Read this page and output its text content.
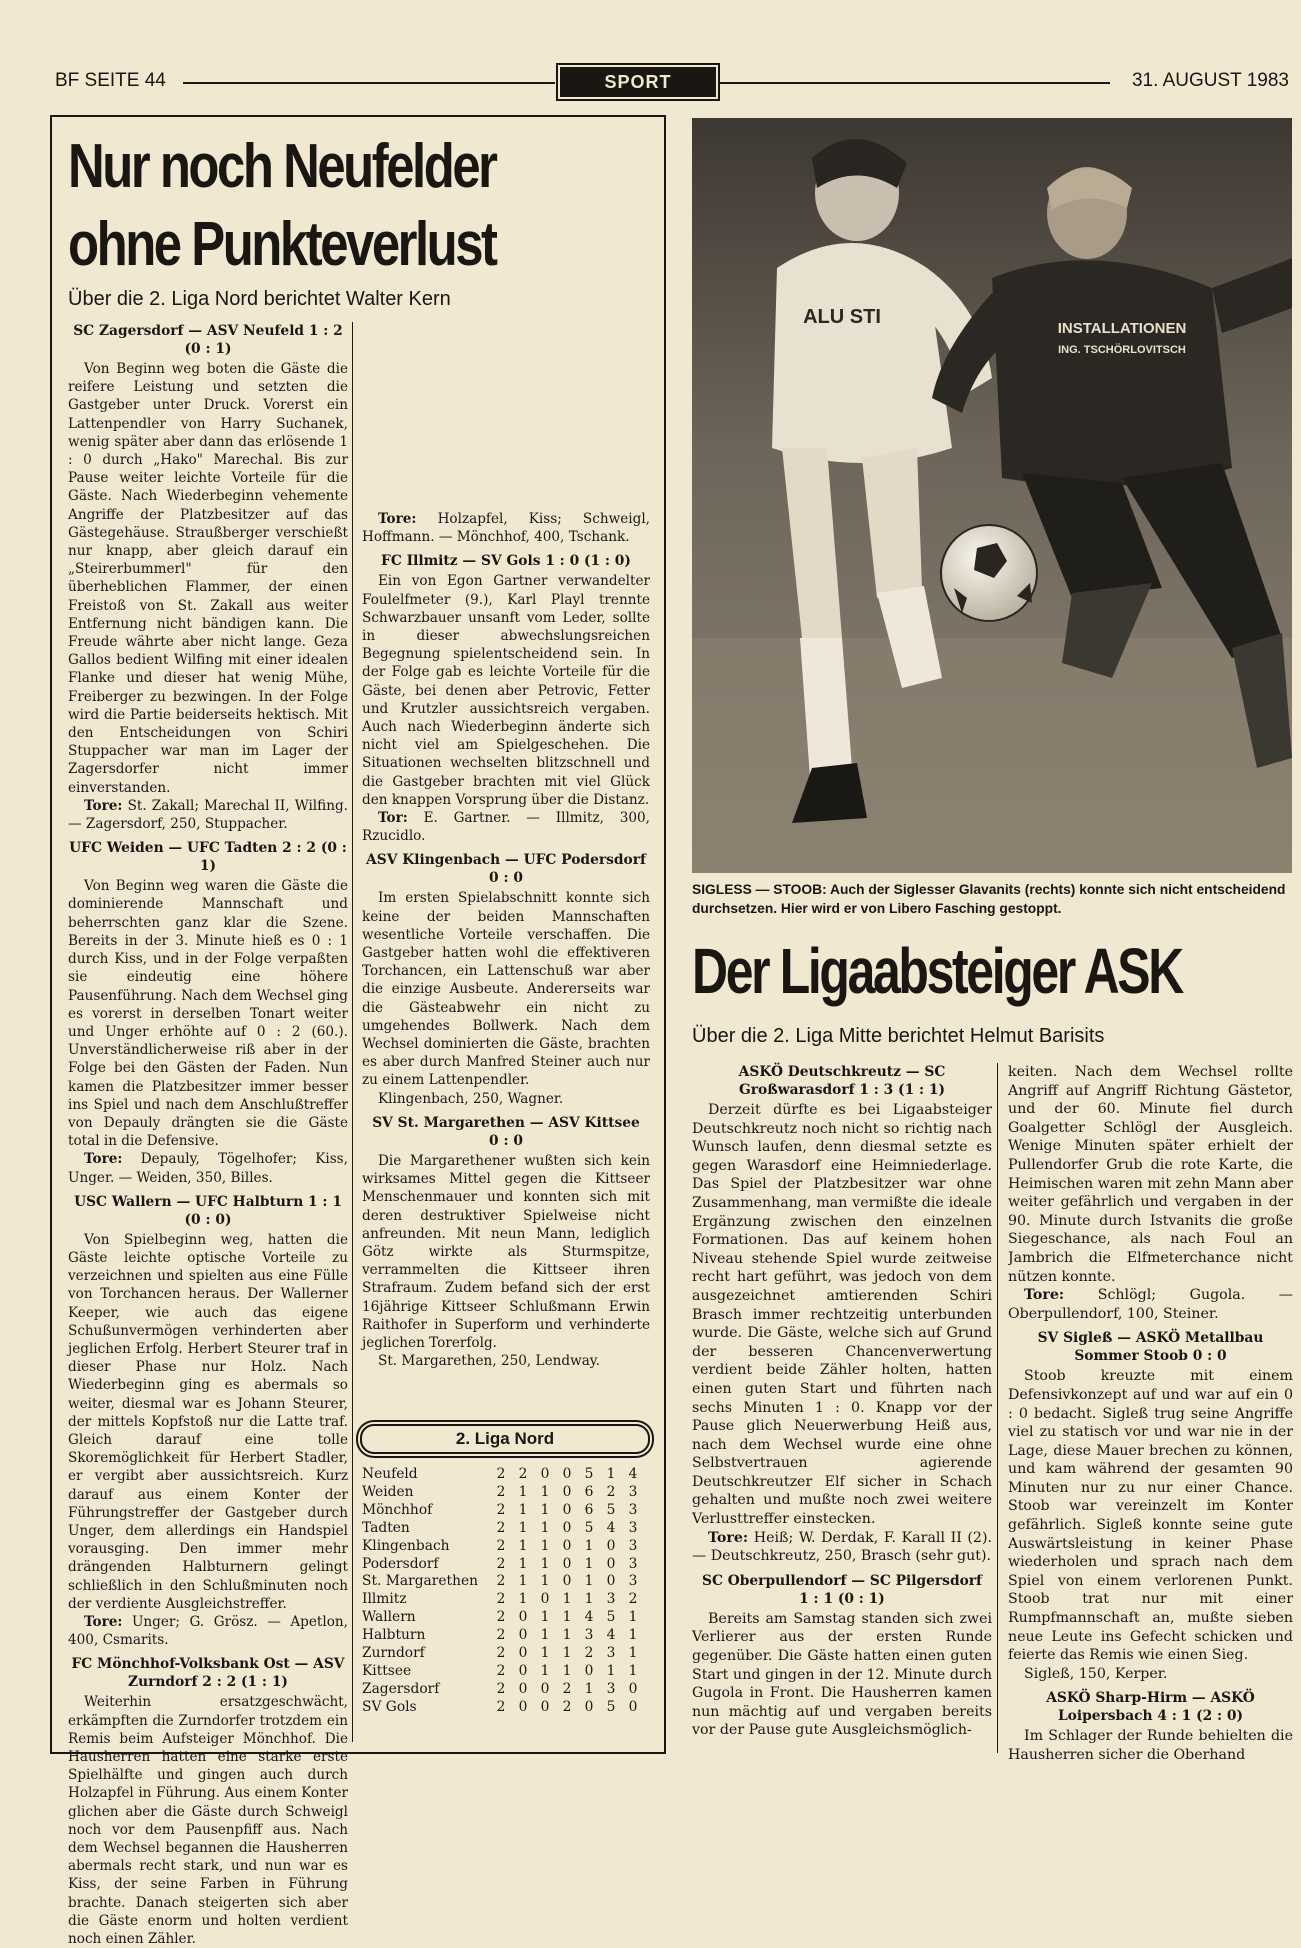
BF SEITE 44	SPORT	31. AUGUST 1983
Nur noch Neufelder
ohne Punkteverlust
Über die 2. Liga Nord berichtet Walter Kern
SC Zagersdorf — ASV Neufeld 1 : 2
(0 : 1)

Von Beginn weg boten die Gäste die reifere Leistung und setzten die Gastgeber unter Druck. Vorerst ein Lattenpendler von Harry Suchanek, wenig später aber dann das erlösende 1 : 0 durch „Hako" Marechal. Bis zur Pause weiter leichte Vorteile für die Gäste. Nach Wiederbeginn vehemente Angriffe der Platzbesitzer auf das Gästegehäuse. Straußberger verschießt nur knapp, aber gleich darauf ein „Steirerbummerl" für den überheblichen Flammer, der einen Freistoß von St. Zakall aus weiter Entfernung nicht bändigen kann. Die Freude währte aber nicht lange. Geza Gallos bedient Wilfing mit einer idealen Flanke und dieser hat wenig Mühe, Freiberger zu bezwingen. In der Folge wird die Partie beiderseits hektisch. Mit den Entscheidungen von Schiri Stuppacher war man im Lager der Zagersdorfer nicht immer einverstanden.

Tore: St. Zakall; Marechal II, Wilfing. — Zagersdorf, 250, Stuppacher.

UFC Weiden — UFC Tadten 2 : 2 (0 : 1)

Von Beginn weg waren die Gäste die dominierende Mannschaft und beherrschten ganz klar die Szene. Bereits in der 3. Minute hieß es 0 : 1 durch Kiss, und in der Folge verpaßten sie eindeutig eine höhere Pausenführung. Nach dem Wechsel ging es vorerst in derselben Tonart weiter und Unger erhöhte auf 0 : 2 (60.). Unverständlicherweise riß aber in der Folge bei den Gästen der Faden. Nun kamen die Platzbesitzer immer besser ins Spiel und nach dem Anschlußtreffer von Depauly drängten sie die Gäste total in die Defensive.

Tore: Depauly, Tögelhofer; Kiss, Unger. — Weiden, 350, Billes.

USC Wallern — UFC Halbturn 1 : 1
(0 : 0)

Von Spielbeginn weg, hatten die Gäste leichte optische Vorteile zu verzeichnen und spielten aus eine Fülle von Torchancen heraus. Der Wallerner Keeper, wie auch das eigene Schußunvermögen verhinderten aber jeglichen Erfolg. Herbert Steurer traf in dieser Phase nur Holz. Nach Wiederbeginn ging es abermals so weiter, diesmal war es Johann Steurer, der mittels Kopfstoß nur die Latte traf. Gleich darauf eine tolle Skoremöglichkeit für Herbert Stadler, er vergibt aber aussichtsreich. Kurz darauf aus einem Konter der Führungstreffer der Gastgeber durch Unger, dem allerdings ein Handspiel vorausging. Den immer mehr drängenden Halbturnern gelingt schließlich in den Schlußminuten noch der verdiente Ausgleichstreffer.

Tore: Unger; G. Grösz. — Apetlon, 400, Csmarits.

FC Mönchhof-Volksbank Ost — ASV Zurndorf 2 : 2 (1 : 1)

Weiterhin ersatzgeschwächt, erkämpften die Zurndorfer trotzdem ein Remis beim Aufsteiger Mönchhof. Die Hausherren hatten eine starke erste Spielhälfte und gingen auch durch Holzapfel in Führung. Aus einem Konter glichen aber die Gäste durch Schweigl noch vor dem Pausenpfiff aus. Nach dem Wechsel begannen die Hausherren abermals recht stark, und nun war es Kiss, der seine Farben in Führung brachte. Danach steigerten sich aber die Gäste enorm und holten verdient noch einen Zähler.

Tore: Holzapfel, Kiss; Schweigl, Hoffmann. — Mönchhof, 400, Tschank.

FC Illmitz — SV Gols 1 : 0 (1 : 0)

Ein von Egon Gartner verwandelter Foulelfmeter (9.), Karl Playl trennte Schwarzbauer unsanft vom Leder, sollte in dieser abwechslungsreichen Begegnung spielentscheidend sein. In der Folge gab es leichte Vorteile für die Gäste, bei denen aber Petrovic, Fetter und Krutzler aussichtsreich vergaben. Auch nach Wiederbeginn änderte sich nicht viel am Spielgeschehen. Die Situationen wechselten blitzschnell und die Gastgeber brachten mit viel Glück den knappen Vorsprung über die Distanz.

Tor: E. Gartner. — Illmitz, 300, Rzucidlo.

ASV Klingenbach — UFC Podersdorf
0 : 0

Im ersten Spielabschnitt konnte sich keine der beiden Mannschaften wesentliche Vorteile verschaffen. Die Gastgeber hatten wohl die effektiveren Torchancen, ein Lattenschuß war aber die einzige Ausbeute. Andererseits war die Gästeabwehr ein nicht zu umgehendes Bollwerk. Nach dem Wechsel dominierten die Gäste, brachten es aber durch Manfred Steiner auch nur zu einem Lattenpendler.

Klingenbach, 250, Wagner.

SV St. Margarethen — ASV Kittsee
0 : 0

Die Margarethener wußten sich kein wirksames Mittel gegen die Kittseer Menschenmauer und konnten sich mit deren destruktiver Spielweise nicht anfreunden. Mit neun Mann, lediglich Götz wirkte als Sturmspitze, verrammelten die Kittseer ihren Strafraum. Zudem befand sich der erst 16jährige Kittseer Schlußmann Erwin Raithofer in Superform und verhinderte jeglichen Torerfolg.

St. Margarethen, 250, Lendway.

2. Liga Nord
Neufeld	2	2	0	0	5	1	4
Weiden	2	1	1	0	6	2	3
Mönchhof	2	1	1	0	6	5	3
Tadten	2	1	1	0	5	4	3
Klingenbach	2	1	1	0	1	0	3
Podersdorf	2	1	1	0	1	0	3
St. Margarethen	2	1	1	0	1	0	3
Illmitz	2	1	0	1	1	3	2
Wallern	2	0	1	1	4	5	1
Halbturn	2	0	1	1	3	4	1
Zurndorf	2	0	1	1	2	3	1
Kittsee	2	0	1	1	0	1	1
Zagersdorf	2	0	0	2	1	3	0
SV Gols	2	0	0	2	0	5	0
INSTALLATIONEN
ING. TSCHÖRLOVITSCH
ALU STI
SIGLESS — STOOB: Auch der Siglesser Glavanits (rechts) konnte sich nicht entscheidend durchsetzen. Hier wird er von Libero Fasching gestoppt.
Der Ligaabsteiger ASK
Über die 2. Liga Mitte berichtet Helmut Barisits
ASKÖ Deutschkreutz — SC Großwarasdorf 1 : 3 (1 : 1)

Derzeit dürfte es bei Ligaabsteiger Deutschkreutz noch nicht so richtig nach Wunsch laufen, denn diesmal setzte es gegen Warasdorf eine Heimniederlage. Das Spiel der Platzbesitzer war ohne Zusammenhang, man vermißte die ideale Ergänzung zwischen den einzelnen Formationen. Das auf keinem hohen Niveau stehende Spiel wurde zeitweise recht hart geführt, was jedoch von dem ausgezeichnet amtierenden Schiri Brasch immer rechtzeitig unterbunden wurde. Die Gäste, welche sich auf Grund der besseren Chancenverwertung verdient beide Zähler holten, hatten einen guten Start und führten nach sechs Minuten 1 : 0. Knapp vor der Pause glich Neuerwerbung Heiß aus, nach dem Wechsel wurde eine ohne Selbstvertrauen agierende Deutschkreutzer Elf sicher in Schach gehalten und mußte noch zwei weitere Verlusttreffer einstecken.

Tore: Heiß; W. Derdak, F. Karall II (2). — Deutschkreutz, 250, Brasch (sehr gut).

SC Oberpullendorf — SC Pilgersdorf
1 : 1 (0 : 1)

Bereits am Samstag standen sich zwei Verlierer aus der ersten Runde gegenüber. Die Gäste hatten einen guten Start und gingen in der 12. Minute durch Gugola in Front. Die Hausherren kamen nun mächtig auf und vergaben bereits vor der Pause gute Ausgleichsmöglich-

keiten. Nach dem Wechsel rollte Angriff auf Angriff Richtung Gästetor, und der 60. Minute fiel durch Goalgetter Schlögl der Ausgleich. Wenige Minuten später erhielt der Pullendorfer Grub die rote Karte, die Heimischen waren mit zehn Mann aber weiter gefährlich und vergaben in der 90. Minute durch Istvanits die große Siegeschance, als nach Foul an Jambrich die Elfmeterchance nicht nützen konnte.

Tore: Schlögl; Gugola. — Oberpullendorf, 100, Steiner.

SV Sigleß — ASKÖ Metallbau Sommer Stoob 0 : 0

Stoob kreuzte mit einem Defensivkonzept auf und war auf ein 0 : 0 bedacht. Sigleß trug seine Angriffe viel zu statisch vor und war nie in der Lage, diese Mauer brechen zu können, und kam während der gesamten 90 Minuten nur zu nur einer Chance. Stoob war vereinzelt im Konter gefährlich. Sigleß konnte seine gute Auswärtsleistung in keiner Phase wiederholen und sprach nach dem Spiel von einem verlorenen Punkt. Stoob trat nur mit einer Rumpfmannschaft an, mußte sieben neue Leute ins Gefecht schicken und feierte das Remis wie einen Sieg.

Sigleß, 150, Kerper.

ASKÖ Sharp-Hirm — ASKÖ Loipersbach 4 : 1 (2 : 0)

Im Schlager der Runde behielten die Hausherren sicher die Oberhand
